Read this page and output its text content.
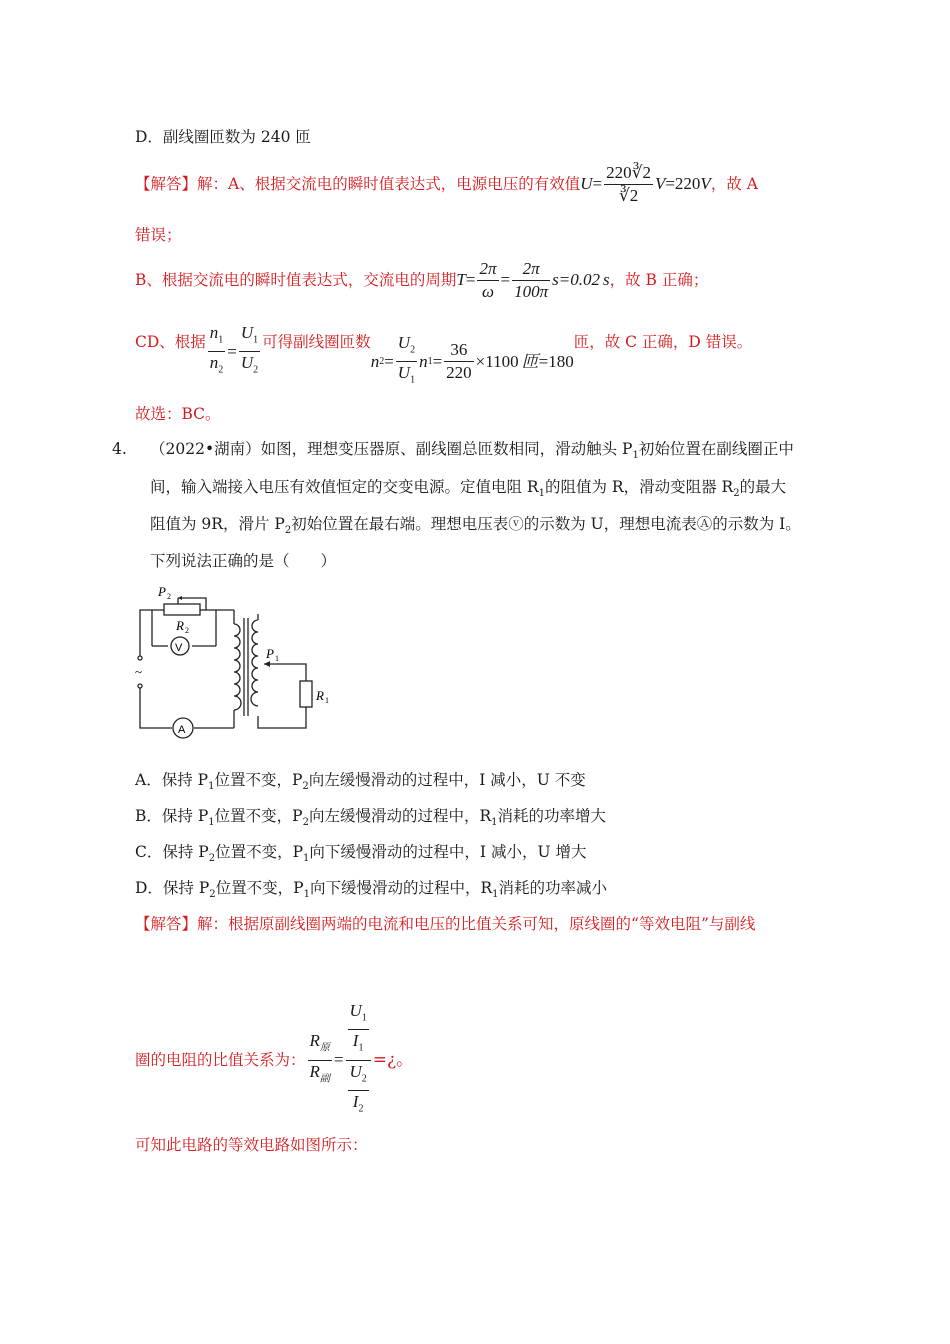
D．副线圈匝数为 240 匝
【解答】 解：A、根据交流电的瞬时值表达式，电源电压的有效值 $U = \frac{220∛2}{∛2}$ V =220 V ，故 A
错误；
B、根据交流电的瞬时值表达式，交流电的周期 $T = \frac{2\pi}{\omega} = \frac{2\pi}{100\pi} s=0.02$ s ，故 B 正确；
CD、根据 $\frac{n_1}{n_2} = \frac{U_1}{U_2}$ 可得副线圈匝数
n $2 = \frac{U_2}{U_1}$ n $1 = \frac{36}{220} \times 1100$ 匝 =180
匝，故 C 正确，D 错误。
故选：BC。
4. （2022•湖南）如图，理想变压器原、副线圈总匝数相同，滑动触头 $P_1$初始位置在副线圈正中
间，输入端接入电压有效值恒定的交变电源。定值电阻 $R_1$的阻值为 R，滑动变阻器 $R_2$的最大
阻值为 9R，滑片 $P_2$初始位置在最右端。理想电压表ⓥ的示数为 U，理想电流表Ⓐ的示数为 I。
下列说法正确的是（　　）
P 2
R 2
V
A
~
P 1
R 1
A．保持 $P_1$位置不变，$P_2$向左缓慢滑动的过程中，I 减小，U 不变
B．保持 $P_1$位置不变，$P_2$向左缓慢滑动的过程中，$R_1$消耗的功率增大
C．保持 $P_2$位置不变，$P_1$向下缓慢滑动的过程中，I 减小，U 增大
D．保持 $P_2$位置不变，$P_1$向下缓慢滑动的过程中，$R_1$消耗的功率减小
【解答】解：根据原副线圈两端的电流和电压的比值关系可知，原线圈的“等效电阻”与副线
圈的电阻的比值关系为： $\frac{R_原}{R_副} = \frac{\frac{U_1}{I_1}}{\frac{U_2}{I_2}}$ =¿。
可知此电路的等效电路如图所示：
